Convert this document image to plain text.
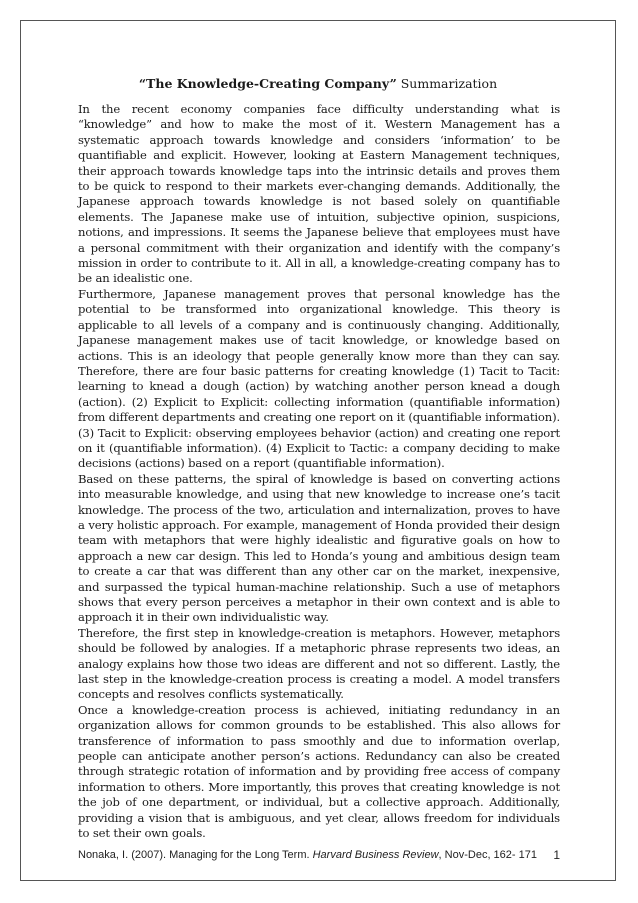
“The Knowledge-Creating Company” Summarization

In the recent economy companies face difficulty understanding what is “knowledge” and how to make the most of it. Western Management has a systematic approach towards knowledge and considers ‘information’ to be quantifiable and explicit. However, looking at Eastern Management techniques, their approach towards knowledge taps into the intrinsic details and proves them to be quick to respond to their markets ever-changing demands. Additionally, the Japanese approach towards knowledge is not based solely on quantifiable elements. The Japanese make use of intuition, subjective opinion, suspicions, notions, and impressions. It seems the Japanese believe that employees must have a personal commitment with their organization and identify with the company’s mission in order to contribute to it. All in all, a knowledge-creating company has to be an idealistic one.

Furthermore, Japanese management proves that personal knowledge has the potential to be transformed into organizational knowledge. This theory is applicable to all levels of a company and is continuously changing. Additionally, Japanese management makes use of tacit knowledge, or knowledge based on actions. This is an ideology that people generally know more than they can say. Therefore, there are four basic patterns for creating knowledge (1) Tacit to Tacit: learning to knead a dough (action) by watching another person knead a dough (action). (2) Explicit to Explicit: collecting information (quantifiable information) from different departments and creating one report on it (quantifiable information). (3) Tacit to Explicit: observing employees behavior (action) and creating one report on it (quantifiable information). (4) Explicit to Tactic: a company deciding to make decisions (actions) based on a report (quantifiable information).

Based on these patterns, the spiral of knowledge is based on converting actions into measurable knowledge, and using that new knowledge to increase one’s tacit knowledge. The process of the two, articulation and internalization, proves to have a very holistic approach. For example, management of Honda provided their design team with metaphors that were highly idealistic and figurative goals on how to approach a new car design. This led to Honda’s young and ambitious design team to create a car that was different than any other car on the market, inexpensive, and surpassed the typical human-machine relationship. Such a use of metaphors shows that every person perceives a metaphor in their own context and is able to approach it in their own individualistic way.

Therefore, the first step in knowledge-creation is metaphors. However, metaphors should be followed by analogies. If a metaphoric phrase represents two ideas, an analogy explains how those two ideas are different and not so different. Lastly, the last step in the knowledge-creation process is creating a model. A model transfers concepts and resolves conflicts systematically.

Once a knowledge-creation process is achieved, initiating redundancy in an organization allows for common grounds to be established. This also allows for transference of information to pass smoothly and due to information overlap, people can anticipate another person’s actions. Redundancy can also be created through strategic rotation of information and by providing free access of company information to others. More importantly, this proves that creating knowledge is not the job of one department, or individual, but a collective approach. Additionally, providing a vision that is ambiguous, and yet clear, allows freedom for individuals to set their own goals.

Nonaka, I. (2007). Managing for the Long Term. Harvard Business Review, Nov-Dec, 162- 171 1
